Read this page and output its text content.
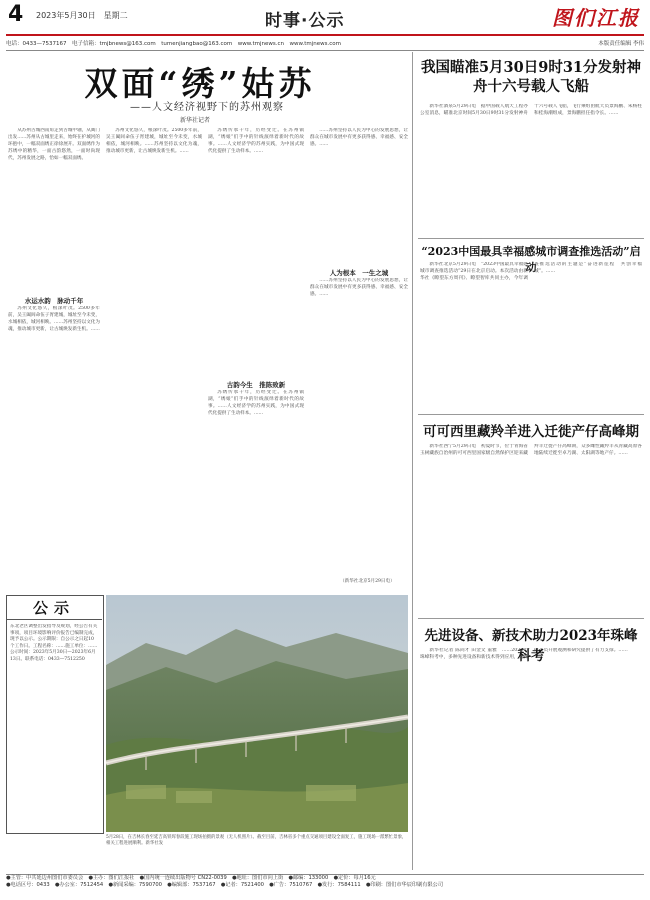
4 2023年5月30日　星期二	时事·公示	图们江报
电话：0433—7537167　电子信箱：tmjbnews@163.com　tumenjiangbao@163.com　www.tmjnews.cn　www.tmjnews.com	本版责任编辑 李伟
双面“绣”姑苏
——人文经济视野下的苏州观察
新华社记者

从苏州古城西南角走到古城中轴，从阊门出发……苏州从古城里走来，始终在护城河的环抱中，一幅双面绣正徐徐展开。双面绣作为苏绣中的精华，一面古韵悠然，一面时尚现代，苏州发展之路，恰如一幅双面绣。

水运水韵　脉动千年

苏州文化悠久，根深叶茂。2500多年前，吴王阖闾命伍子胥建城，城址至今未变，水城相依，城河相映。……苏州坚持以文化为魂，推动城市更新，让古城焕发新生机。……

苏州文化悠久，根深叶茂。2500多年前，吴王阖闾命伍子胥建城，城址至今未变，水城相依，城河相映。……苏州坚持以文化为魂，推动城市更新，让古城焕发新生机。……

古韵今生　推陈致新

苏绣传承千年，历经变迁。在苏州镇湖，“绣娘”们手中的针线演绎着新时代的故事。……人文经济学的苏州实践，为中国式现代化提供了生动样本。……

苏绣传承千年，历经变迁。在苏州镇湖，“绣娘”们手中的针线演绎着新时代的故事。……人文经济学的苏州实践，为中国式现代化提供了生动样本。……

人为根本　一生之城

……苏州坚持以人民为中心的发展思想，让群众在城市发展中有更多获得感、幸福感、安全感。……

……苏州坚持以人民为中心的发展思想，让群众在城市发展中有更多获得感、幸福感、安全感。……

（新华社北京5月29日电）
我国瞄准5月30日9时31分发射神舟十六号载人飞船

新华社酒泉5月29日电　据中国载人航天工程办公室消息，瞄准北京时间5月30日9时31分发射神舟十六号载人飞船，飞行乘组由航天员景海鹏、朱杨柱和桂海潮组成，景海鹏担任指令长。……

“2023中国最具幸福感城市调查推选活动”启动

新华社北京5月29日电　“2023中国最具幸福感城市调查推选活动”29日在北京启动。本次活动由新华社《瞭望东方周刊》、瞭望智库共同主办，今年调查推选活动的主题是“奋进新征程　共创幸福城”。……

可可西里藏羚羊进入迁徙产仔高峰期

新华社西宁5月29日电　初夏时节，位于青海省玉树藏族自治州的可可西里国家级自然保护区迎来藏羚羊迁徙产仔高峰期，众多雌性藏羚羊从青藏高原各地陆续迁徙至卓乃湖、太阳湖等地产仔。……

先进设备、新技术助力2023年珠峰科考

新华社记者 陈尚才 田金文 董雅　……2023年珠峰科考中，多种先进设备和新技术得到应用，为科研人员开展观测和研究提供了有力支撑。……

公示
东北老区调整出发指导及规划，经公告有关事项，项目环境影响评价报告已编制完成，现予以公示。公示期限：自公示之日起10个工作日。工程名称：……施工单位：……公示时间：2023年5月30日—2023年6月13日。联系电话：0433—7512250
5月28日，在吉林长春至延吉高铁珲春段施工现场拍摄的景观（无人机照片）。截至目前，吉林省多个重点交通项目建设全面复工，施工现场一派繁忙景象，相关工程进展顺利。新华社发
●主管：中共延边州图们市委员会　●主办：图们江报社　●国内统一连续出版物号 CN22-0039　●地址：图们市向上街　●邮编：133000　●定价：每月16元
●电话区号：0433　●办公室：7512454　●新闻采编：7590700　●编辑部：7537167　●记者：7521400　●广告：7510767　●发行：7584111　●印刷：图们市华辰印刷有限公司
